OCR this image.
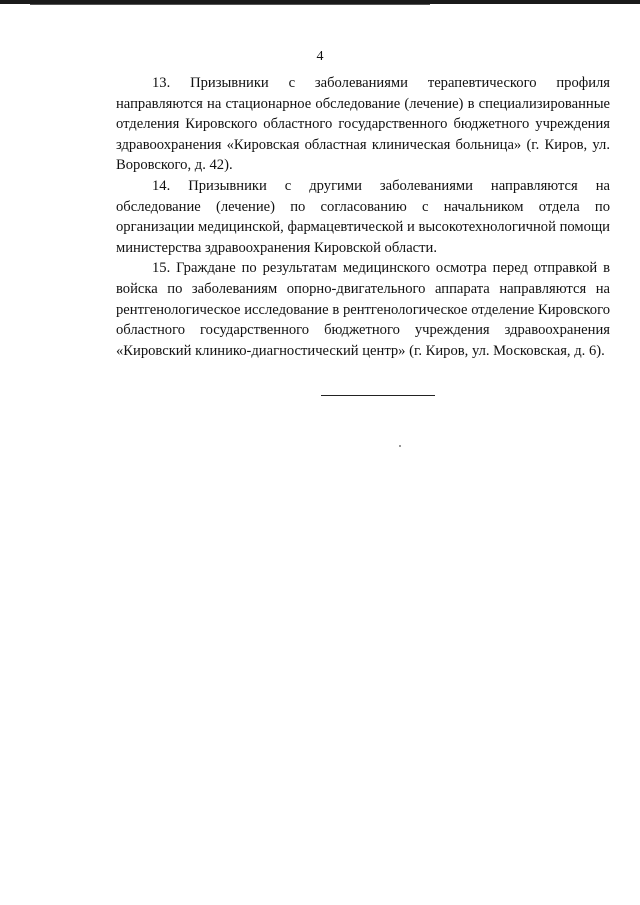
4

13. Призывники с заболеваниями терапевтического профиля направляются на стационарное обследование (лечение) в специализированные отделения Кировского областного государственного бюджетного учреждения здравоохранения «Кировская областная клиническая больница» (г. Киров, ул. Воровского, д. 42).

14. Призывники с другими заболеваниями направляются на обследование (лечение) по согласованию с начальником отдела по организации медицинской, фармацевтической и высокотехнологичной помощи министерства здравоохранения Кировской области.

15. Граждане по результатам медицинского осмотра перед отправкой в войска по заболеваниям опорно-двигательного аппарата направляются на рентгенологическое исследование в рентгенологическое отделение Кировского областного государственного бюджетного учреждения здравоохранения «Кировский клинико-диагностический центр» (г. Киров, ул. Московская, д. 6).
